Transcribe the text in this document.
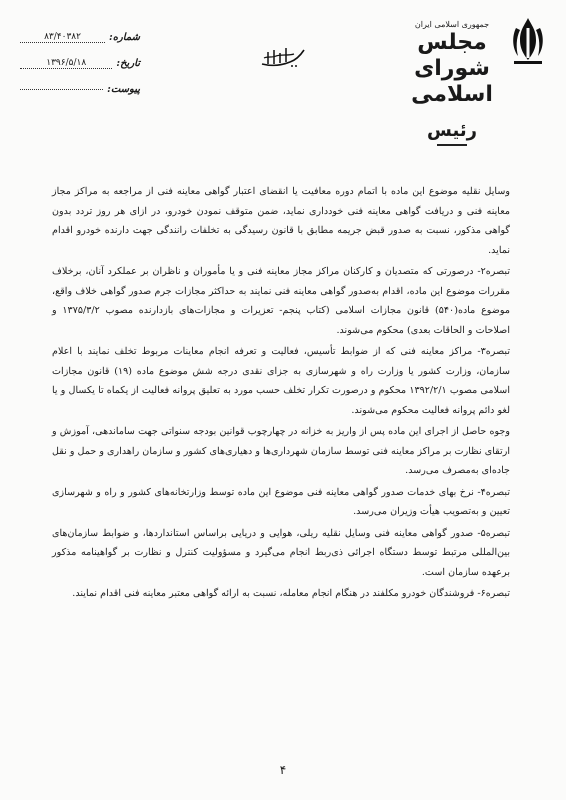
جمهوری اسلامی ایران
مجلس شورای اسلامی
رئیس
شماره:
۸۳/۴۰۳۸۲
تاریخ:
۱۳۹۶/۵/۱۸
پیوست:

وسایل نقلیه موضوع این ماده با اتمام دوره معافیت یا انقضای اعتبار گواهی معاینه فنی از مراجعه به مراکز مجاز معاینه فنی و دریافت گواهی معاینه فنی خودداری نماید، ضمن متوقف نمودن خودرو، در ازای هر روز تردد بدون گواهی مذکور، نسبت به صدور قبض جریمه مطابق با قانون رسیدگی به تخلفات رانندگی جهت دارنده خودرو اقدام نماید.

تبصره۲- درصورتی که متصدیان و کارکنان مراکز مجاز معاینه فنی و یا مأموران و ناظران بر عملکرد آنان، برخلاف مقررات موضوع این ماده، اقدام به‌صدور گواهی معاینه فنی نمایند به حداکثر مجازات جرم صدور گواهی خلاف واقع، موضوع ماده(۵۴۰) قانون مجازات اسلامی (کتاب پنجم- تعزیرات و مجازات‌های بازدارنده مصوب ۱۳۷۵/۳/۲ و اصلاحات و الحاقات بعدی) محکوم می‌شوند.

تبصره۳- مراکز معاینه فنی که از ضوابط تأسیس، فعالیت و تعرفه انجام معاینات مربوط تخلف نمایند با اعلام سازمان، وزارت کشور یا وزارت راه و شهرسازی به جزای نقدی درجه شش موضوع ماده (۱۹) قانون مجازات اسلامی مصوب ۱۳۹۲/۲/۱ محکوم و درصورت تکرار تخلف حسب مورد به تعلیق پروانه فعالیت از یکماه تا یکسال و یا لغو دائم پروانه فعالیت محکوم می‌شوند.

وجوه حاصل از اجرای این ماده پس از واریز به خزانه در چهارچوب قوانین بودجه سنواتی جهت ساماندهی، آموزش و ارتقای نظارت بر مراکز معاینه فنی توسط سازمان شهرداری‌ها و دهیاری‌های کشور و سازمان راهداری و حمل و نقل جاده‌ای به‌مصرف می‌رسد.

تبصره۴- نرخ بهای خدمات صدور گواهی معاینه فنی موضوع این ماده توسط وزارتخانه‌های کشور و راه و شهرسازی تعیین و به‌تصویب هیأت وزیران می‌رسد.

تبصره۵- صدور گواهی معاینه فنی وسایل نقلیه ریلی، هوایی و دریایی براساس استانداردها، و ضوابط سازمان‌های بین‌المللی مرتبط توسط دستگاه اجرائی ذی‌ربط انجام می‌گیرد و مسؤولیت کنترل و نظارت بر گواهینامه مذکور برعهده سازمان است.

تبصره۶- فروشندگان خودرو مکلفند در هنگام انجام معامله، نسبت به ارائه گواهی معتبر معاینه فنی اقدام نمایند.

۴
